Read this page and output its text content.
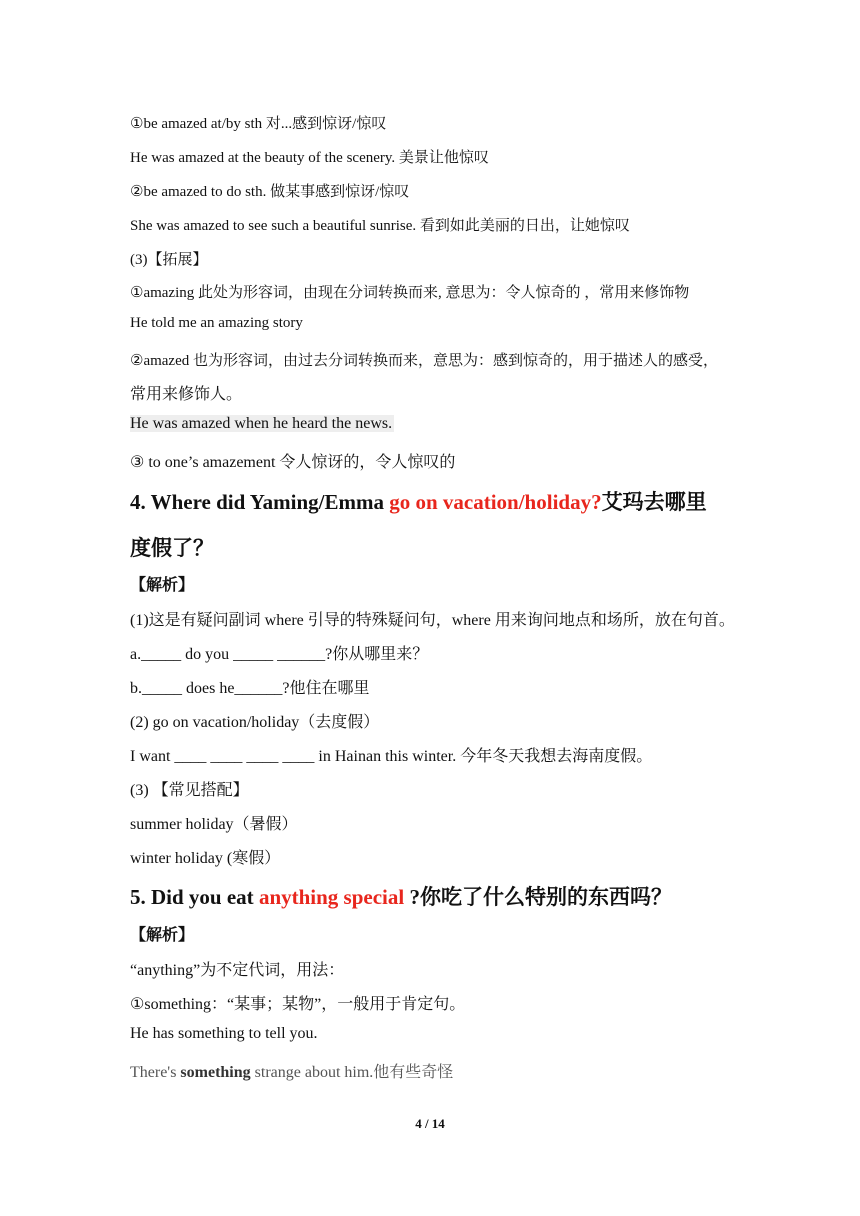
①be amazed at/by sth 对...感到惊讶/惊叹
He was amazed at the beauty of the scenery. 美景让他惊叹
②be amazed to do sth. 做某事感到惊讶/惊叹
She was amazed to see such a beautiful sunrise. 看到如此美丽的日出，让她惊叹
(3)【拓展】
①amazing 此处为形容词，由现在分词转换而来, 意思为：令人惊奇的 ，常用来修饰物
He told me an amazing story
②amazed 也为形容词，由过去分词转换而来，意思为：感到惊奇的，用于描述人的感受，
常用来修饰人。
He was amazed when he heard the news.
③ to one’s amazement 令人惊讶的，令人惊叹的
4. Where did Yaming/Emma go on vacation/holiday?艾玛去哪里
度假了？
【解析】
(1)这是有疑问副词 where 引导的特殊疑问句，where 用来询问地点和场所，放在句首。
a._____ do you _____ ______?你从哪里来？
b._____ does he______?他住在哪里
(2) go on vacation/holiday（去度假）
I want ____ ____ ____ ____ in Hainan this winter. 今年冬天我想去海南度假。
(3) 【常见搭配】
summer holiday（暑假）
winter holiday (寒假）
5. Did you eat anything special ?你吃了什么特别的东西吗？
【解析】
“anything”为不定代词，用法：
①something：“某事；某物”，一般用于肯定句。
He has something to tell you.
There's something strange about him.他有些奇怪
4 / 14
